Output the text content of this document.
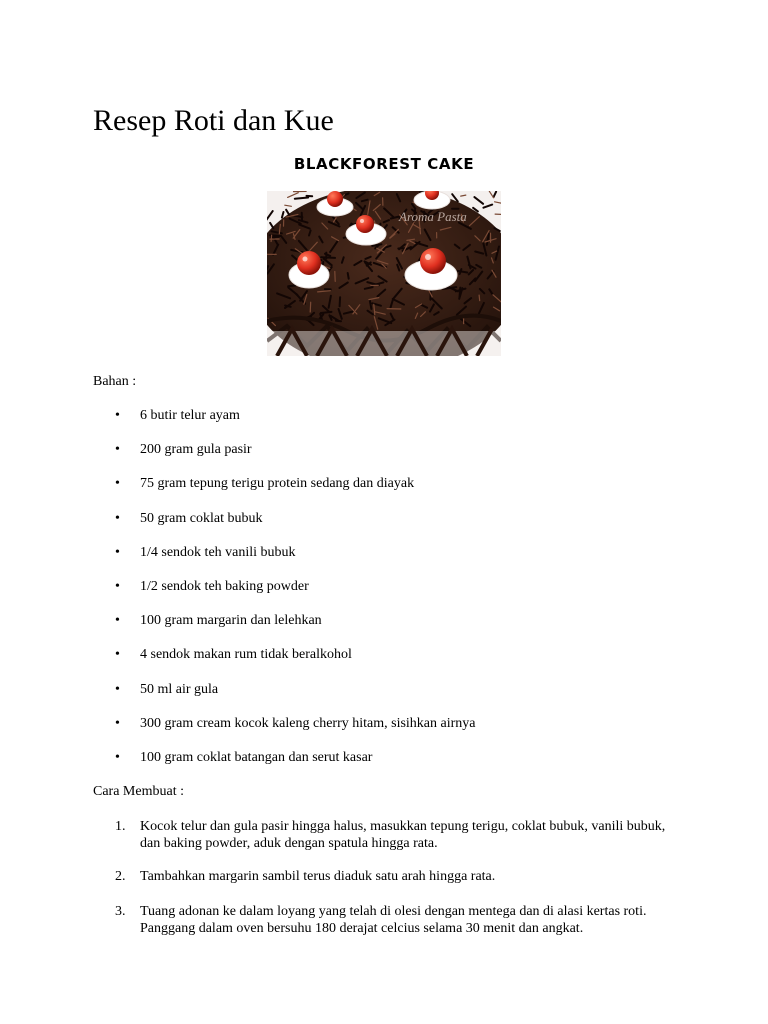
Resep Roti dan Kue
BLACKFOREST CAKE
Aroma Pasta

Bahan :

• 6 butir telur ayam
• 200 gram gula pasir
• 75 gram tepung terigu protein sedang dan diayak
• 50 gram coklat bubuk
• 1/4 sendok teh vanili bubuk
• 1/2 sendok teh baking powder
• 100 gram margarin dan lelehkan
• 4 sendok makan rum tidak beralkohol
• 50 ml air gula
• 300 gram cream kocok kaleng cherry hitam, sisihkan airnya
• 100 gram coklat batangan dan serut kasar

Cara Membuat :

1. Kocok telur dan gula pasir hingga halus, masukkan tepung terigu, coklat bubuk, vanili bubuk, dan baking powder, aduk dengan spatula hingga rata.
2. Tambahkan margarin sambil terus diaduk satu arah hingga rata.
3. Tuang adonan ke dalam loyang yang telah di olesi dengan mentega dan di alasi kertas roti. Panggang dalam oven bersuhu 180 derajat celcius selama 30 menit dan angkat.
